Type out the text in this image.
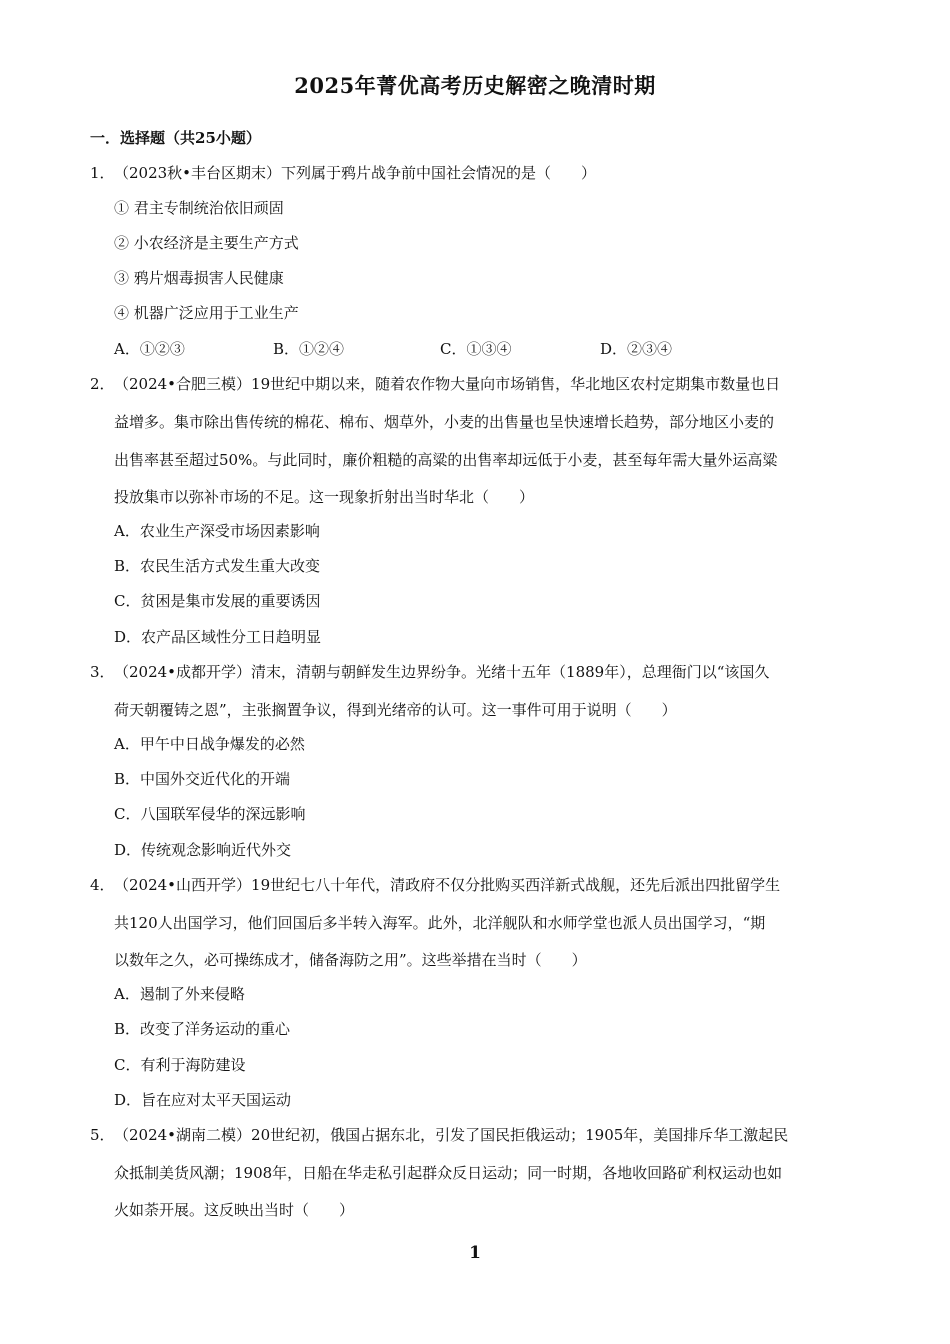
2025年菁优高考历史解密之晚清时期
一．选择题（共25小题）
1． （2023秋•丰台区期末）下列属于鸦片战争前中国社会情况的是（　　）
① 君主专制统治依旧顽固
② 小农经济是主要生产方式
③ 鸦片烟毒损害人民健康
④ 机器广泛应用于工业生产
A．①②③	B．①②④	C．①③④	D．②③④
2． （2024•合肥三模）19世纪中期以来，随着农作物大量向市场销售，华北地区农村定期集市数量也日
益增多。集市除出售传统的棉花、棉布、烟草外，小麦的出售量也呈快速增长趋势，部分地区小麦的
出售率甚至超过50%。与此同时，廉价粗糙的高粱的出售率却远低于小麦，甚至每年需大量外运高粱
投放集市以弥补市场的不足。这一现象折射出当时华北（　　）
A．农业生产深受市场因素影响
B．农民生活方式发生重大改变
C．贫困是集市发展的重要诱因
D．农产品区域性分工日趋明显
3． （2024•成都开学）清末，清朝与朝鲜发生边界纷争。光绪十五年（1889年），总理衙门以“该国久
荷天朝覆铸之恩”，主张搁置争议，得到光绪帝的认可。这一事件可用于说明（　　）
A．甲午中日战争爆发的必然
B．中国外交近代化的开端
C．八国联军侵华的深远影响
D．传统观念影响近代外交
4． （2024•山西开学）19世纪七八十年代，清政府不仅分批购买西洋新式战舰，还先后派出四批留学生
共120人出国学习，他们回国后多半转入海军。此外，北洋舰队和水师学堂也派人员出国学习，“期
以数年之久，必可操练成才，储备海防之用”。这些举措在当时（　　）
A．遏制了外来侵略
B．改变了洋务运动的重心
C．有利于海防建设
D．旨在应对太平天国运动
5． （2024•湖南二模）20世纪初，俄国占据东北，引发了国民拒俄运动；1905年，美国排斥华工激起民
众抵制美货风潮；1908年，日船在华走私引起群众反日运动；同一时期，各地收回路矿利权运动也如
火如荼开展。这反映出当时（　　）
1
